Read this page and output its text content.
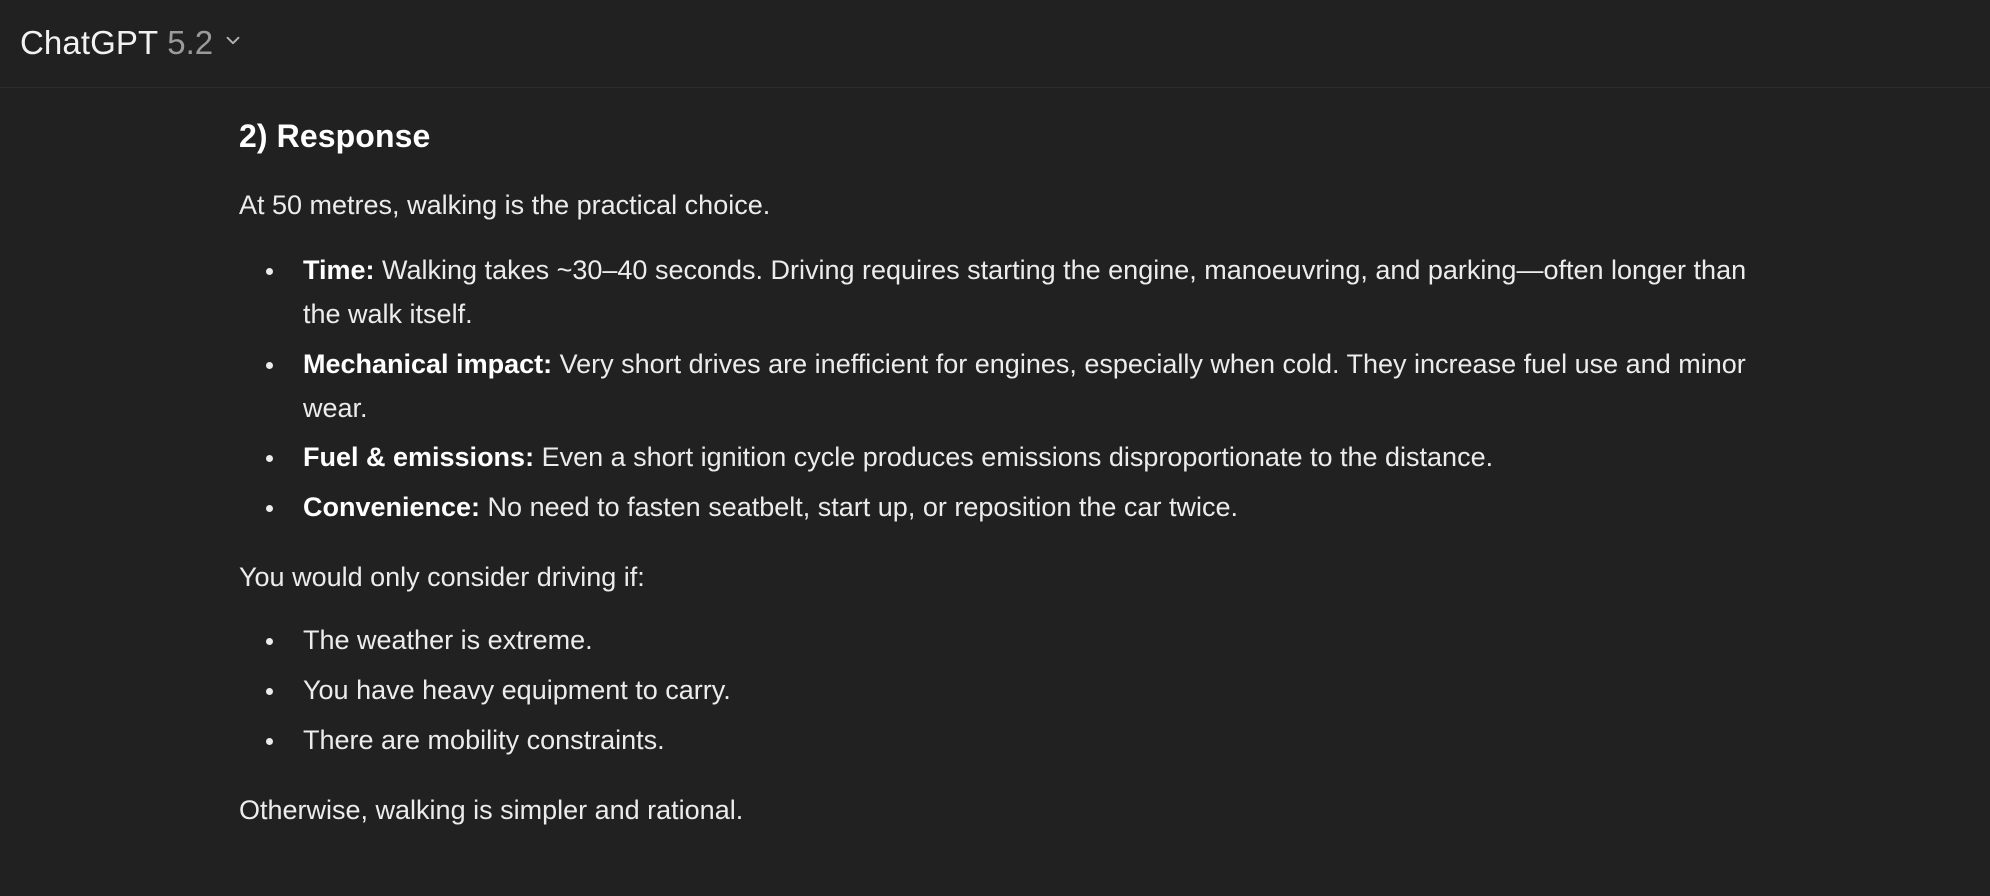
ChatGPT 5.2
2) Response

At 50 metres, walking is the practical choice.

Time: Walking takes ~30–40 seconds. Driving requires starting the engine, manoeuvring, and parking—often longer than the walk itself.
Mechanical impact: Very short drives are inefficient for engines, especially when cold. They increase fuel use and minor wear.
Fuel & emissions: Even a short ignition cycle produces emissions disproportionate to the distance.
Convenience: No need to fasten seatbelt, start up, or reposition the car twice.

You would only consider driving if:

The weather is extreme.
You have heavy equipment to carry.
There are mobility constraints.

Otherwise, walking is simpler and rational.
